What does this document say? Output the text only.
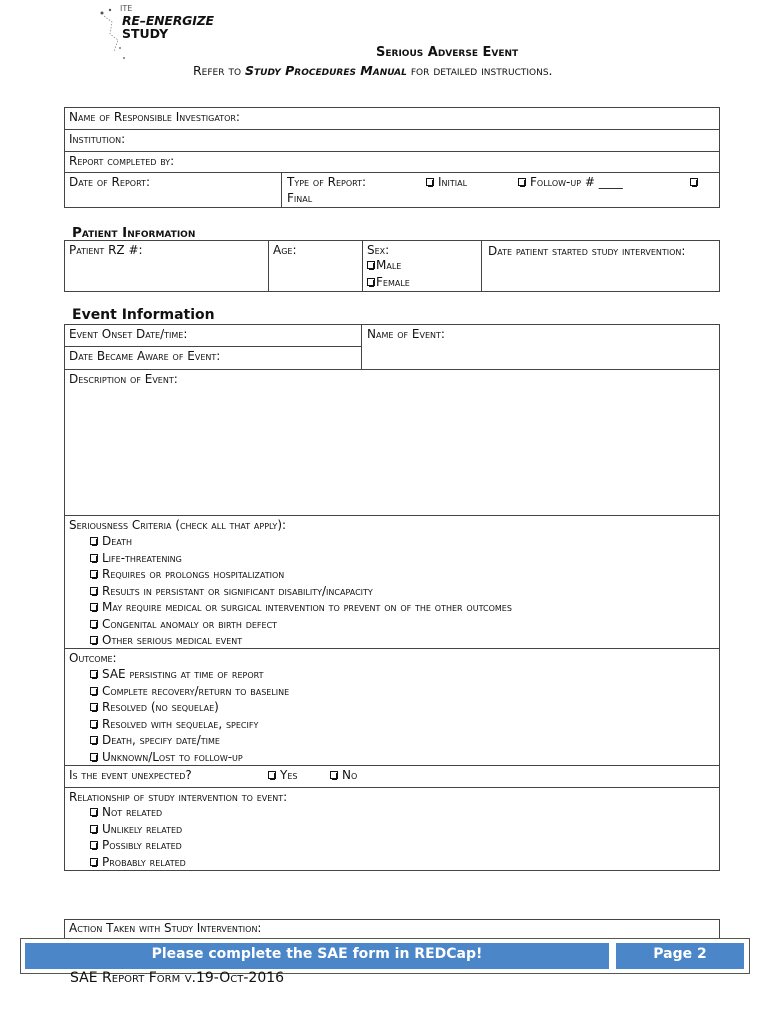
ITE
RE–ENERGIZE
STUDY
Serious Adverse Event
Refer to Study Procedures Manual for detailed instructions.
Name of Responsible Investigator:
Institution:
Report completed by:
Date of Report:	Type of Report:	Initial	Follow-up # ____
Final
Patient Information
Patient RZ #:	Age:	Sex:
Male
Female
Date patient started study intervention:
Event Information
Event Onset Date/time:	Name of Event:
Date Became Aware of Event:
Description of Event:
Seriousness Criteria (check all that apply):
Death
Life-threatening
Requires or prolongs hospitalization
Results in persistant or significant disability/incapacity
May require medical or surgical intervention to prevent on of the other outcomes
Congenital anomaly or birth defect
Other serious medical event
Outcome:
SAE persisting at time of report
Complete recovery/return to baseline
Resolved (no sequelae)
Resolved with sequelae, specify
Death, specify date/time
Unknown/Lost to follow-up
Is the event unexpected?	Yes	No
Relationship of study intervention to event:
Not related
Unlikely related
Possibly related
Probably related
Action Taken with Study Intervention:
Please complete the SAE form in REDCap!	Page 2
SAE Report Form v.19-Oct-2016
